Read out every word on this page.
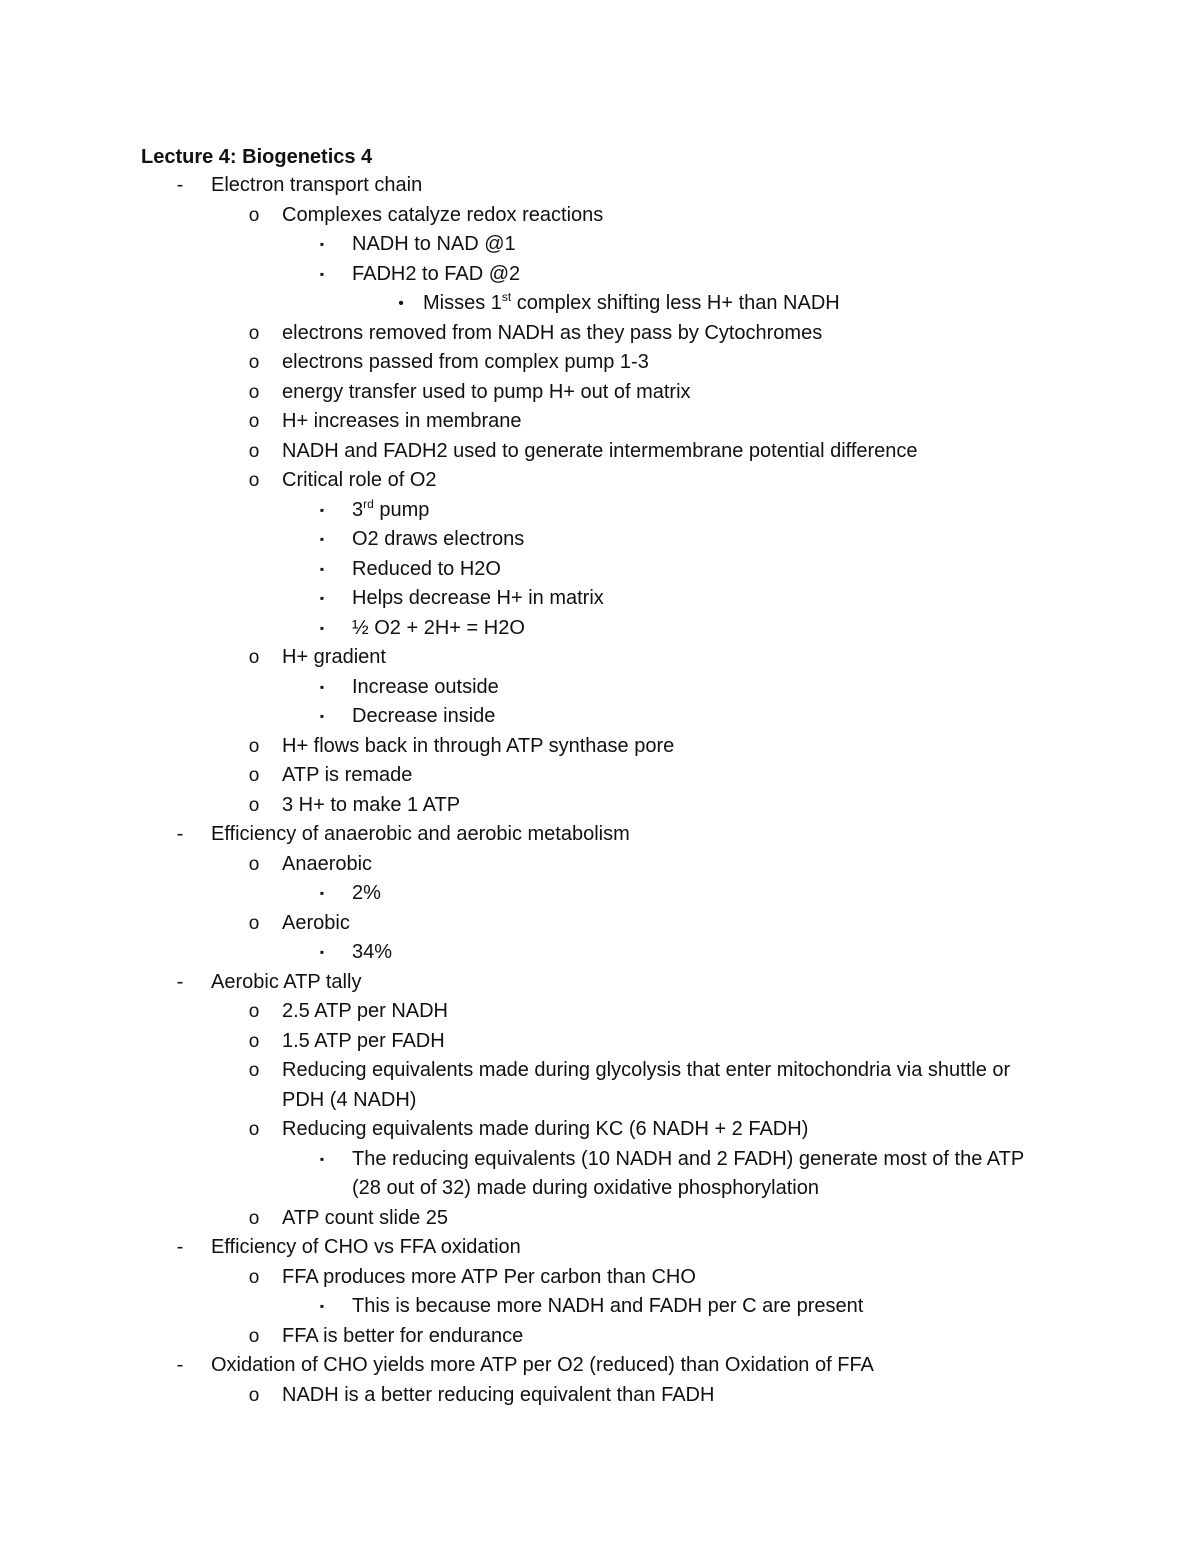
Lecture 4: Biogenetics 4
-	Electron transport chain
o Complexes catalyze redox reactions
▪	NADH to NAD @1
▪	FADH2 to FAD @2
• Misses 1st complex shifting less H+ than NADH
o electrons removed from NADH as they pass by Cytochromes
o electrons passed from complex pump 1-3
o energy transfer used to pump H+ out of matrix
o H+ increases in membrane
o NADH and FADH2 used to generate intermembrane potential difference
o Critical role of O2
▪	3rd pump
▪	O2 draws electrons
▪	Reduced to H2O
▪	Helps decrease H+ in matrix
▪	½ O2 + 2H+ = H2O
o H+ gradient
▪	Increase outside
▪	Decrease inside
o H+ flows back in through ATP synthase pore
o ATP is remade
o 3 H+ to make 1 ATP
-	Efficiency of anaerobic and aerobic metabolism
o Anaerobic
▪	2%
o Aerobic
▪	34%
-	Aerobic ATP tally
o 2.5 ATP per NADH
o 1.5 ATP per FADH
o Reducing equivalents made during glycolysis that enter mitochondria via shuttle or PDH (4 NADH)
o Reducing equivalents made during KC (6 NADH + 2 FADH)
▪	The reducing equivalents (10 NADH and 2 FADH) generate most of the ATP (28 out of 32) made during oxidative phosphorylation
o ATP count slide 25
-	Efficiency of CHO vs FFA oxidation
o FFA produces more ATP Per carbon than CHO
▪	This is because more NADH and FADH per C are present
o FFA is better for endurance
-	Oxidation of CHO yields more ATP per O2 (reduced) than Oxidation of FFA
o NADH is a better reducing equivalent than FADH
